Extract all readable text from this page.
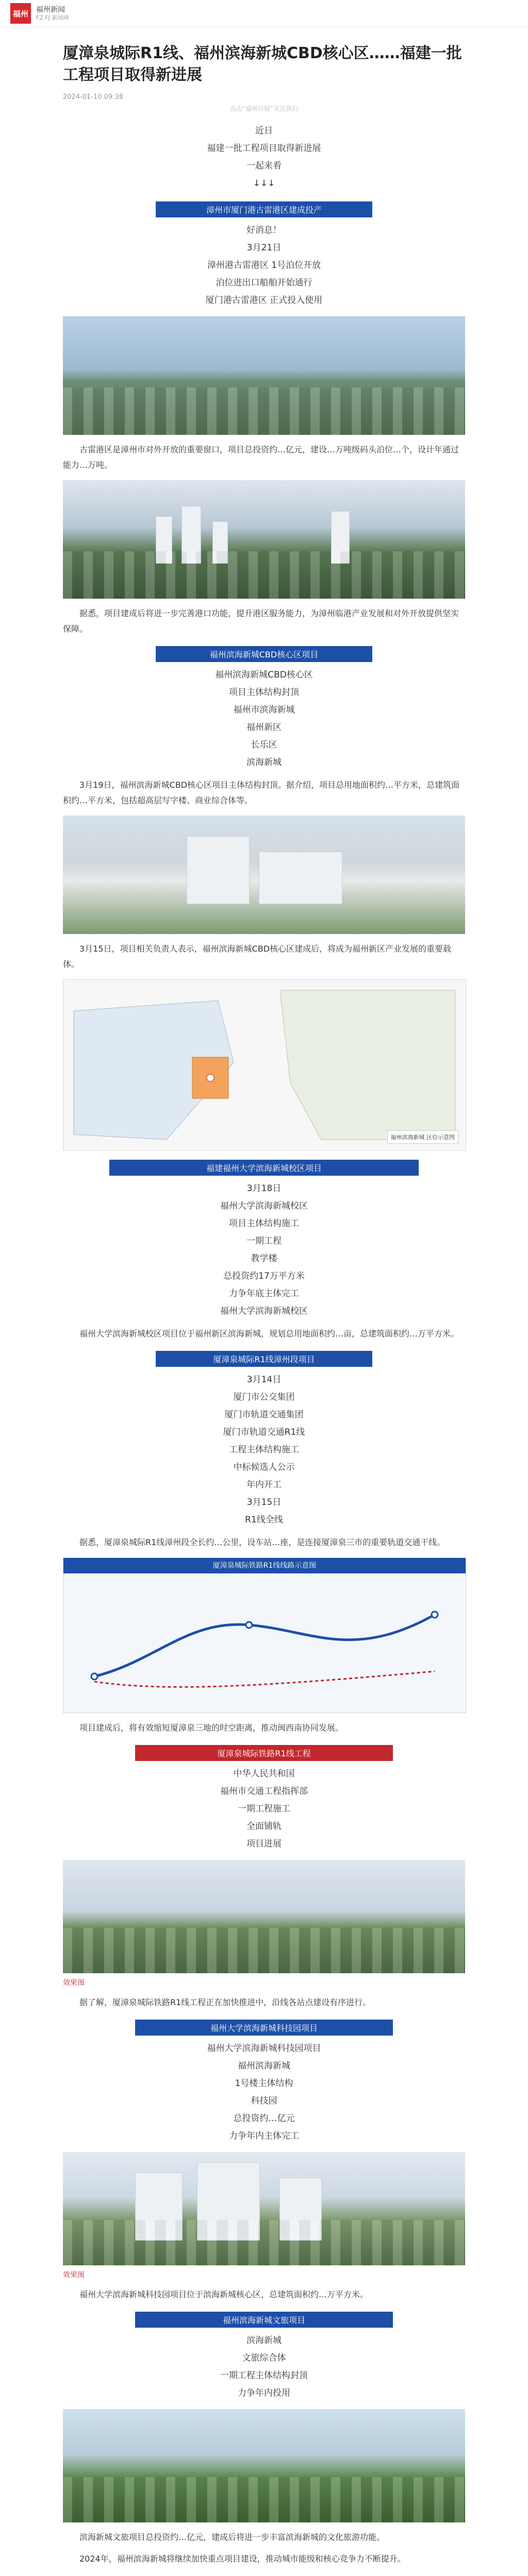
福州	福州新闻
FZ.FJ 新闻网
厦漳泉城际R1线、福州滨海新城CBD核心区……福建一批工程项目取得新进展
2024-01-10 09:38
点击“福州日报”关注我们
近日
福建一批工程项目取得新进展
一起来看
↓↓↓
漳州市厦门港古雷港区建成投产
好消息！
3月21日
漳州港古雷港区 1号泊位开放
泊位进出口船舶开始通行
厦门港古雷港区 正式投入使用

古雷港区是漳州市对外开放的重要窗口，项目总投资约…亿元，建设…万吨级码头泊位…个，设计年通过能力…万吨。

据悉，项目建成后将进一步完善港口功能，提升港区服务能力，为漳州临港产业发展和对外开放提供坚实保障。

福州滨海新城CBD核心区项目
福州滨海新城CBD核心区
项目主体结构封顶
福州市滨海新城
福州新区
长乐区
滨海新城

3月19日，福州滨海新城CBD核心区项目主体结构封顶。据介绍，项目总用地面积约…平方米，总建筑面积约…平方米，包括超高层写字楼、商业综合体等。

3月15日，项目相关负责人表示，福州滨海新城CBD核心区建成后，将成为福州新区产业发展的重要载体。

福州滨海新城 区位示意图
福建福州大学滨海新城校区项目
3月18日
福州大学滨海新城校区
项目主体结构施工
一期工程
教学楼
总投资约17万平方米
力争年底主体完工
福州大学滨海新城校区

福州大学滨海新城校区项目位于福州新区滨海新城，规划总用地面积约…亩，总建筑面积约…万平方米。

厦漳泉城际R1线漳州段项目
3月14日
厦门市公交集团
厦门市轨道交通集团
厦门市轨道交通R1线
工程主体结构施工
中标候选人公示
年内开工
3月15日
R1线全线

据悉，厦漳泉城际R1线漳州段全长约…公里，设车站…座，是连接厦漳泉三市的重要轨道交通干线。

厦漳泉城际铁路R1线线路示意图

项目建成后，将有效缩短厦漳泉三地的时空距离，推动闽西南协同发展。

厦漳泉城际铁路R1线工程
中华人民共和国
福州市交通工程指挥部
一期工程施工
全面铺轨
项目进展
效果图

据了解，厦漳泉城际铁路R1线工程正在加快推进中，沿线各站点建设有序进行。

福州大学滨海新城科技园项目
福州大学滨海新城科技园项目
福州滨海新城
1号楼主体结构
科技园
总投资约…亿元
力争年内主体完工
效果图

福州大学滨海新城科技园项目位于滨海新城核心区，总建筑面积约…万平方米。

福州滨海新城文旅项目
滨海新城
文旅综合体
一期工程主体结构封顶
力争年内投用

滨海新城文旅项目总投资约…亿元，建成后将进一步丰富滨海新城的文化旅游功能。

2024年，福州滨海新城将继续加快重点项目建设，推动城市能级和核心竞争力不断提升。
